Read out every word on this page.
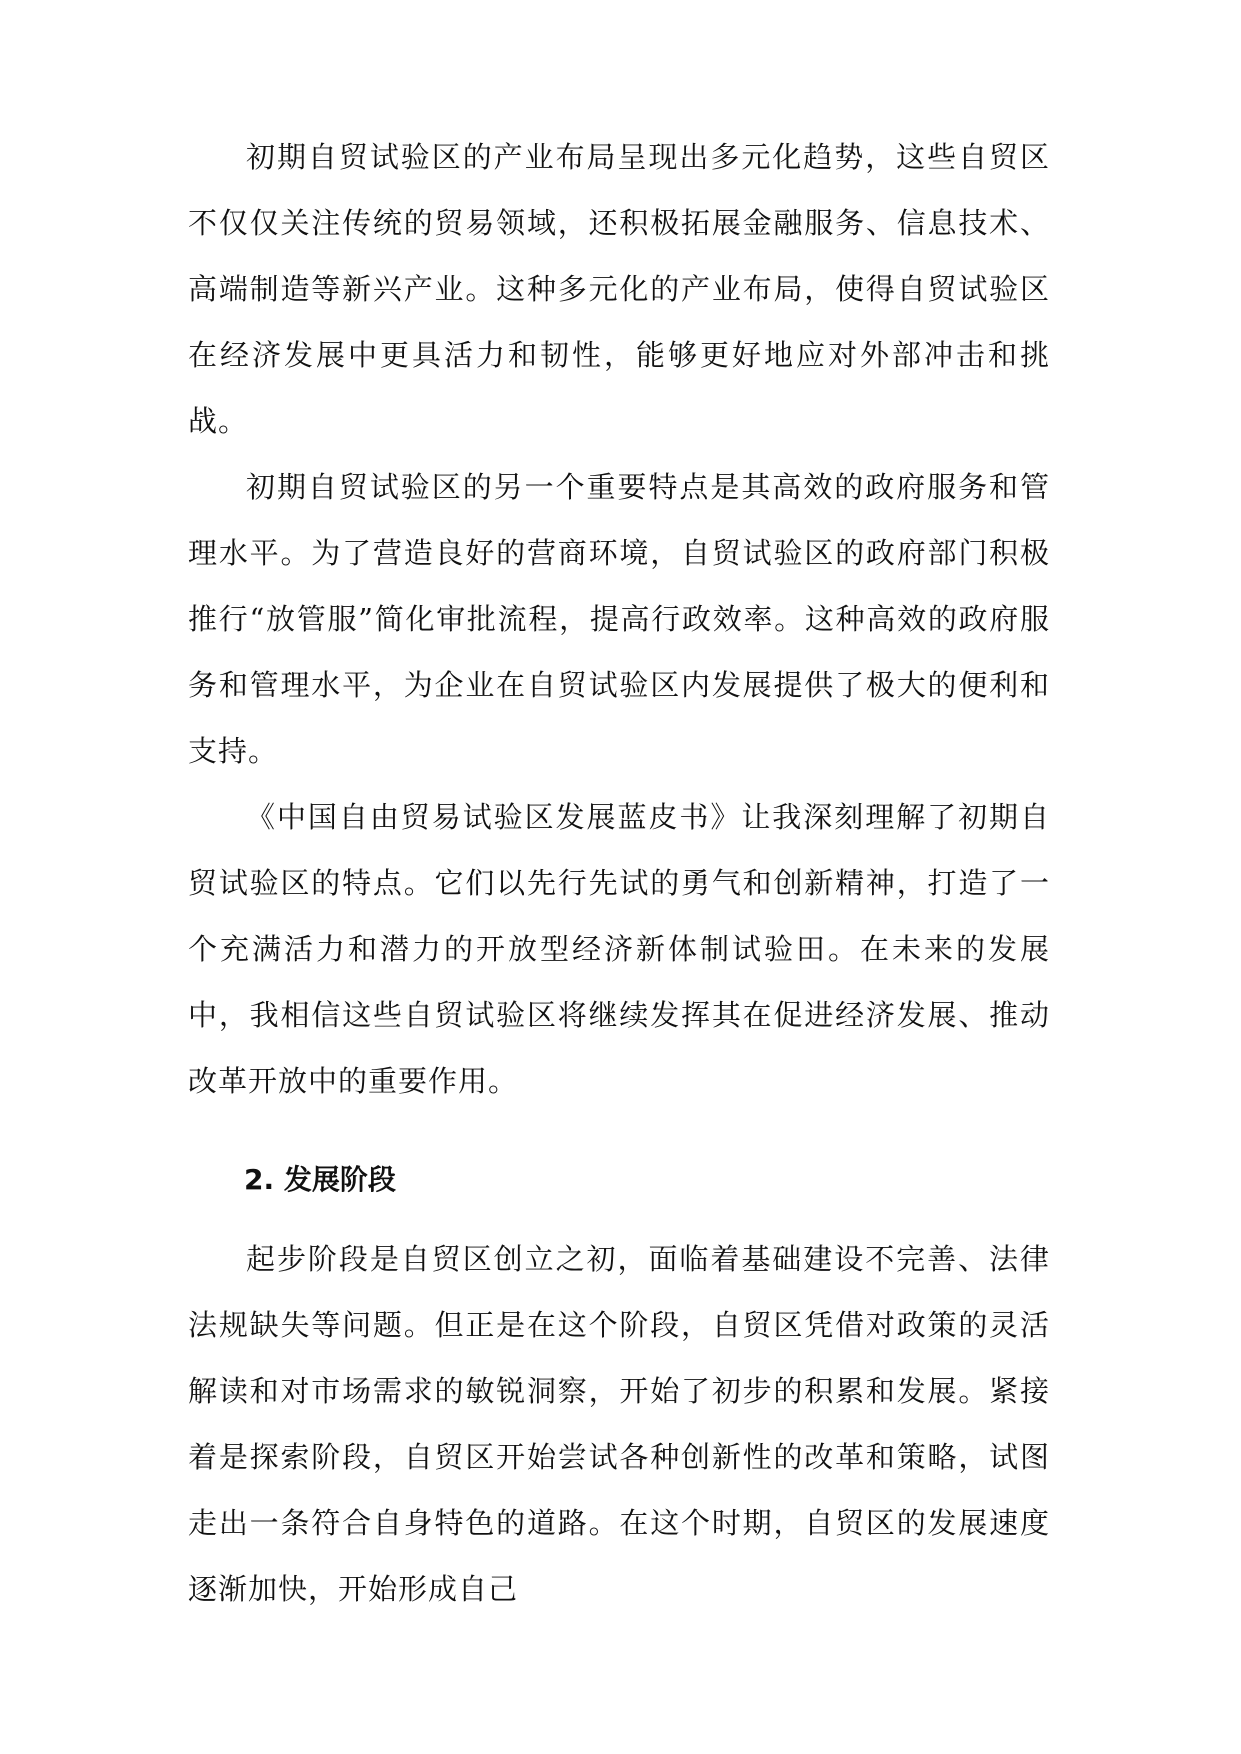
初期自贸试验区的产业布局呈现出多元化趋势，这些自贸区不仅仅关注传统的贸易领域，还积极拓展金融服务、信息技术、高端制造等新兴产业。这种多元化的产业布局，使得自贸试验区在经济发展中更具活力和韧性，能够更好地应对外部冲击和挑战。

初期自贸试验区的另一个重要特点是其高效的政府服务和管理水平。为了营造良好的营商环境，自贸试验区的政府部门积极推行“放管服”简化审批流程，提高行政效率。这种高效的政府服务和管理水平，为企业在自贸试验区内发展提供了极大的便利和支持。

《中国自由贸易试验区发展蓝皮书》让我深刻理解了初期自贸试验区的特点。它们以先行先试的勇气和创新精神，打造了一个充满活力和潜力的开放型经济新体制试验田。在未来的发展中，我相信这些自贸试验区将继续发挥其在促进经济发展、推动改革开放中的重要作用。

2. 发展阶段

起步阶段是自贸区创立之初，面临着基础建设不完善、法律法规缺失等问题。但正是在这个阶段，自贸区凭借对政策的灵活解读和对市场需求的敏锐洞察，开始了初步的积累和发展。紧接着是探索阶段，自贸区开始尝试各种创新性的改革和策略，试图走出一条符合自身特色的道路。在这个时期，自贸区的发展速度逐渐加快，开始形成自己
